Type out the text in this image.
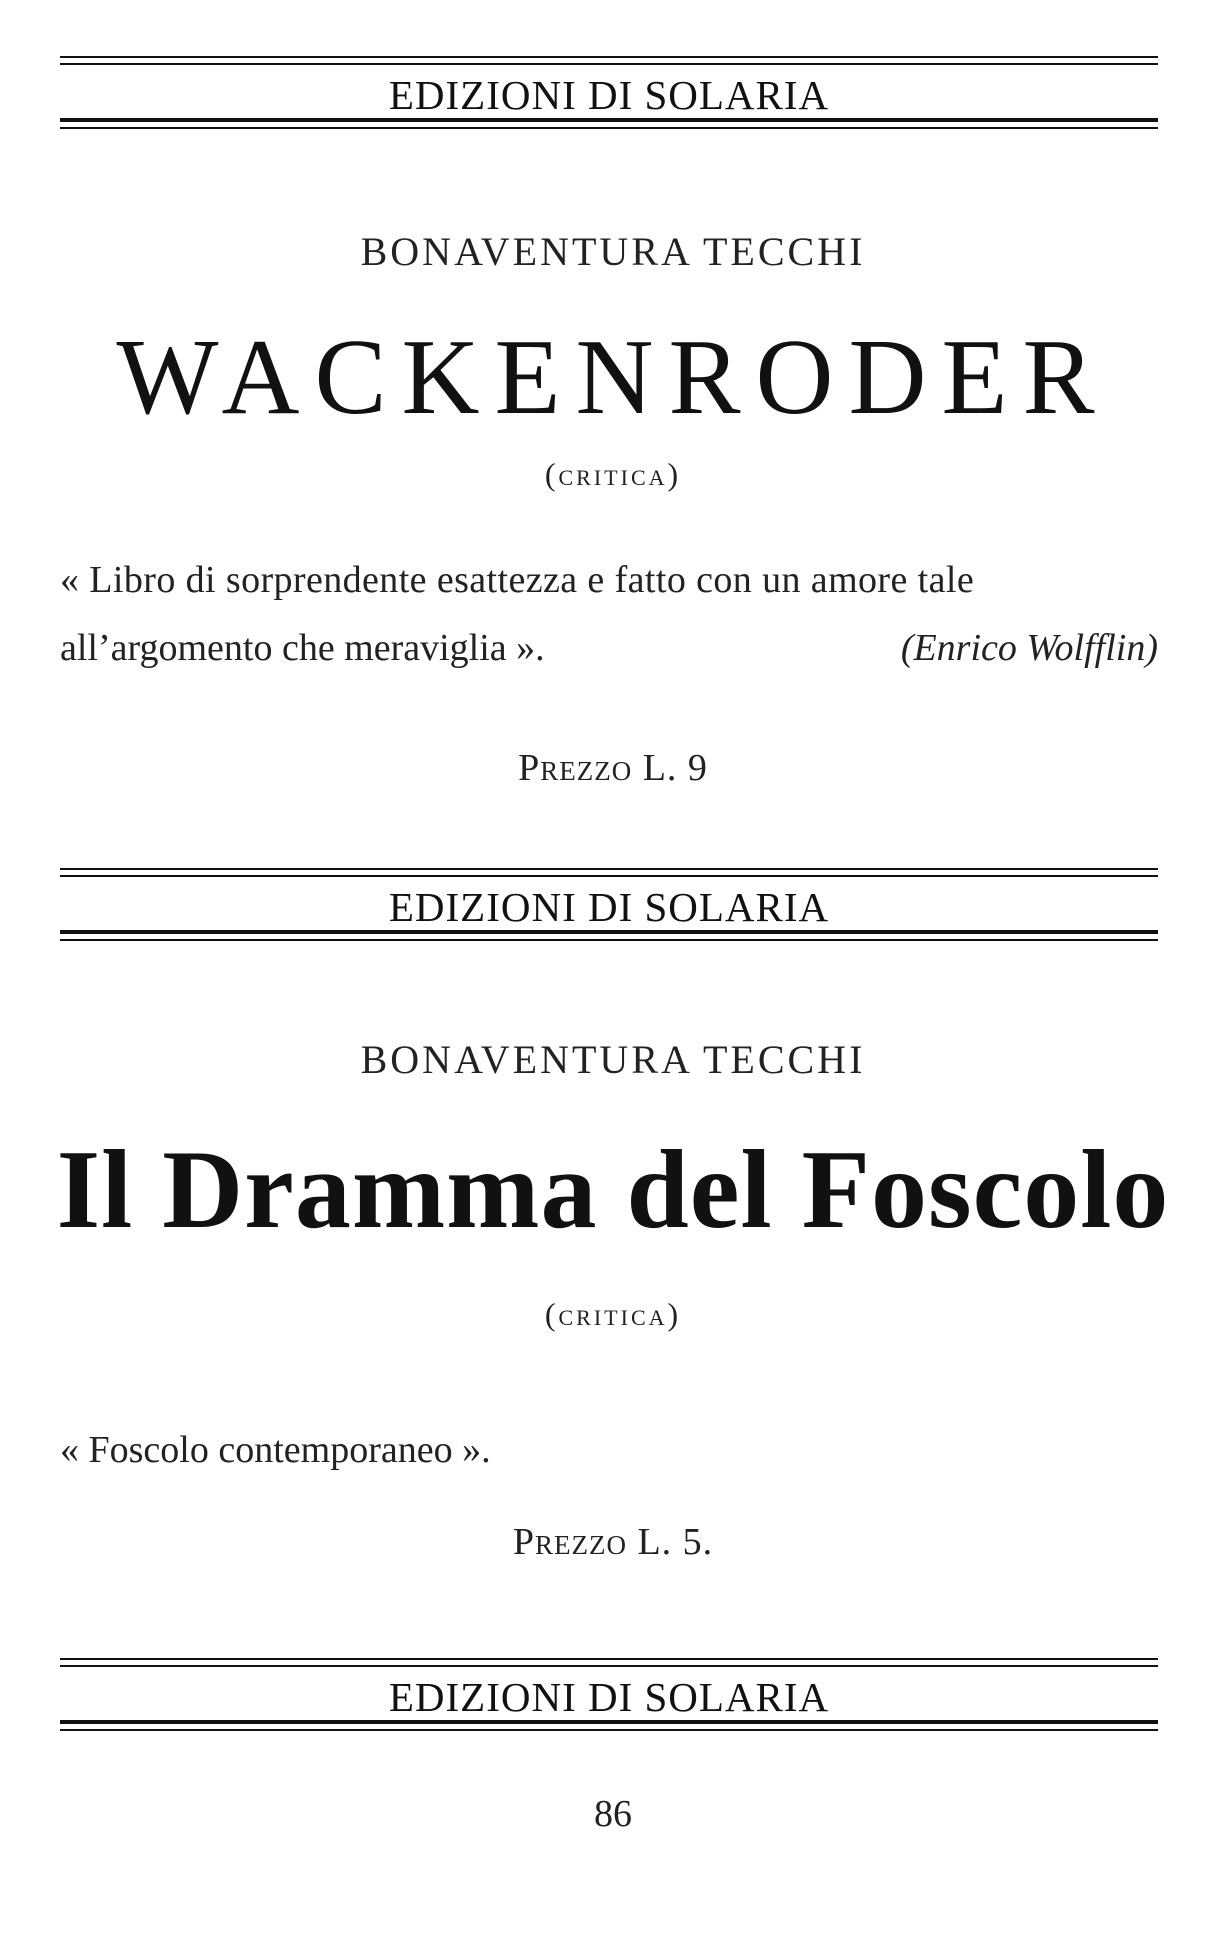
EDIZIONI DI SOLARIA
BONAVENTURA TECCHI
WACKENRODER
(critica)
« Libro di sorprendente esattezza e fatto con un amore tale
all’argomento che meraviglia ».	(Enrico Wolfflin)
Prezzo L. 9
EDIZIONI DI SOLARIA
BONAVENTURA TECCHI
Il Dramma del Foscolo
(critica)
« Foscolo contemporaneo ».
Prezzo L. 5.
EDIZIONI DI SOLARIA
86
